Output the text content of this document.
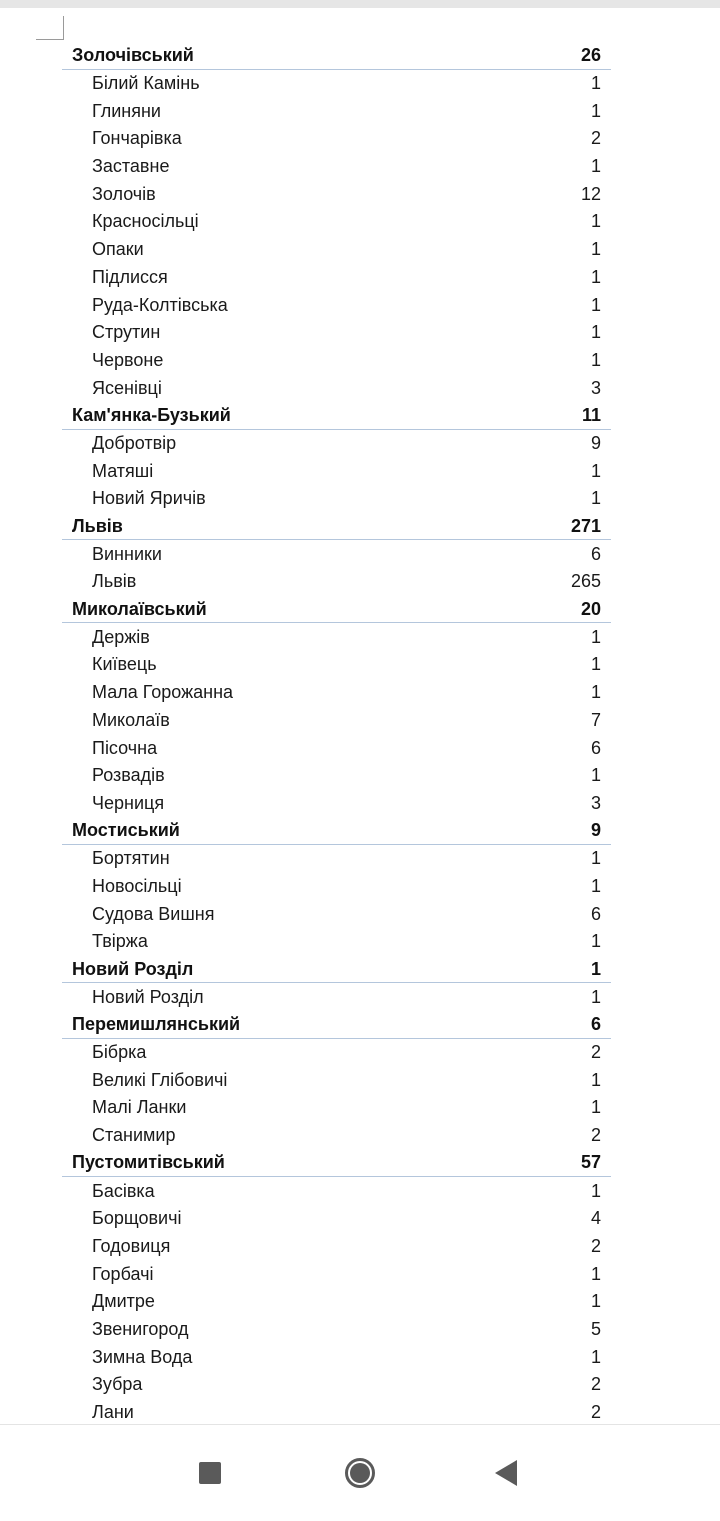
Золочівський	26
Білий Камінь	1
Глиняни	1
Гончарівка	2
Заставне	1
Золочів	12
Красносільці	1
Опаки	1
Підлисся	1
Руда-Колтівська	1
Струтин	1
Червоне	1
Ясенівці	3
Кам'янка-Бузький	11
Добротвір	9
Матяші	1
Новий Яричів	1
Львів	271
Винники	6
Львів	265
Миколаївський	20
Держів	1
Київець	1
Мала Горожанна	1
Миколаїв	7
Пісочна	6
Розвадів	1
Черниця	3
Мостиський	9
Бортятин	1
Новосільці	1
Судова Вишня	6
Твіржа	1
Новий Розділ	1
Новий Розділ	1
Перемишлянський	6
Бібрка	2
Великі Глібовичі	1
Малі Ланки	1
Станимир	2
Пустомитівський	57
Басівка	1
Борщовичі	4
Годовиця	2
Горбачі	1
Дмитре	1
Звенигород	5
Зимна Вода	1
Зубра	2
Лани	2
